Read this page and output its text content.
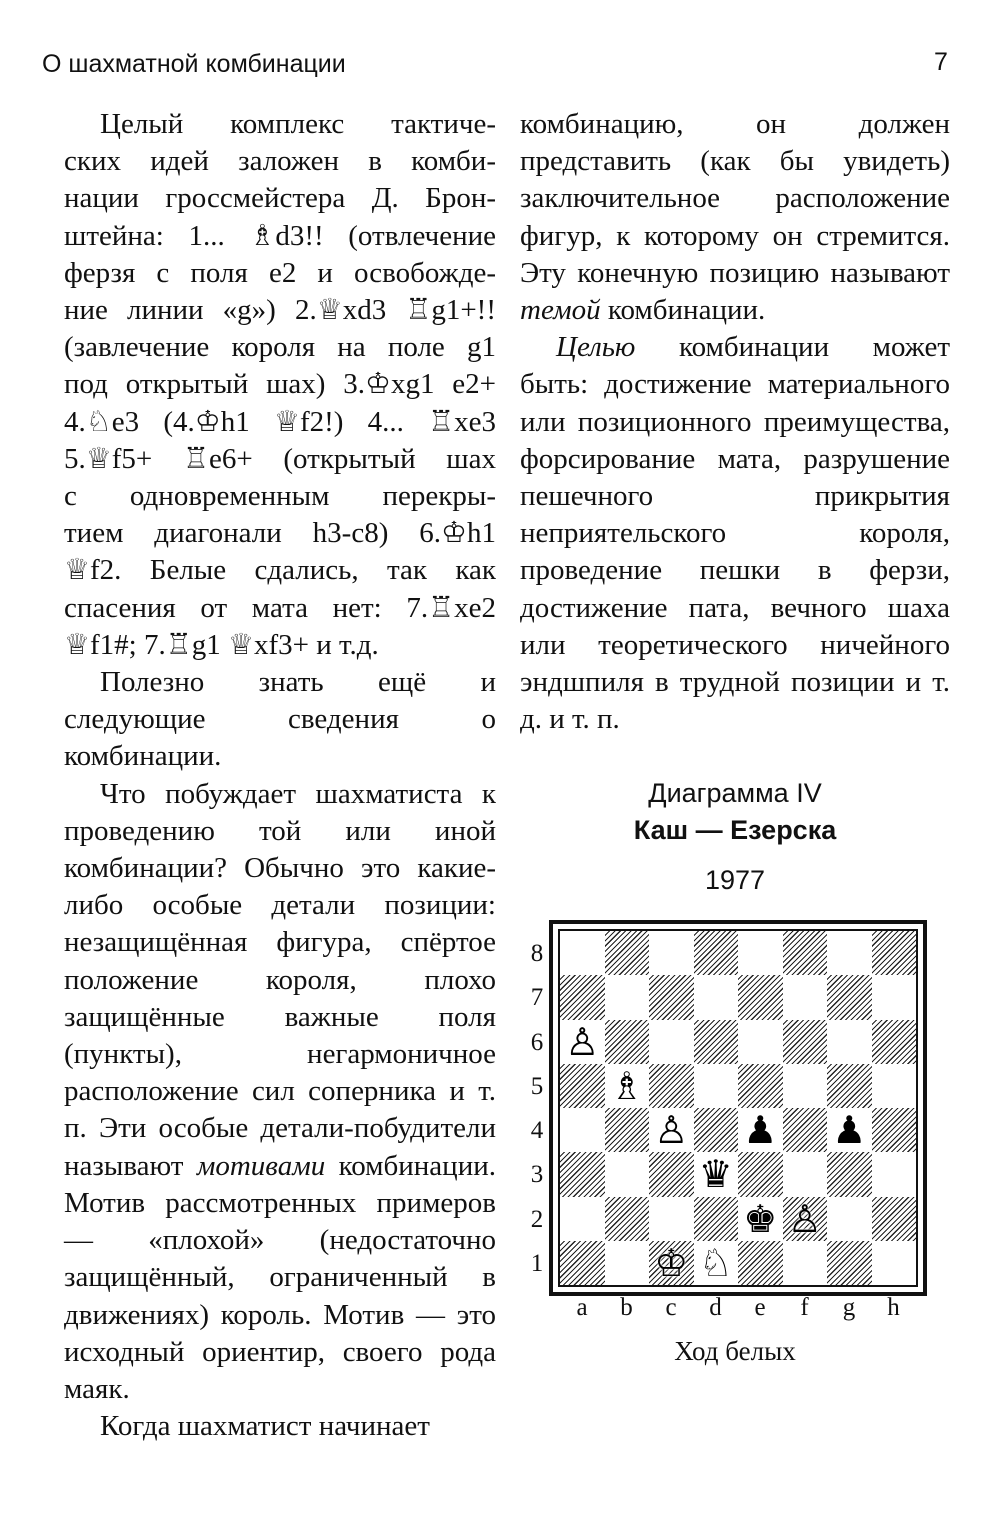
О шахматной комбинации	7

Целый комплекс тактиче-
ских идей заложен в комби-
нации гроссмейстера Д. Брон-
штейна: 1... ♗d3!! (отвлечение
ферзя с поля е2 и освобожде-
ние линии «g») 2.♕xd3 ♖g1+!!
(завлечение короля на поле g1
под открытый шах) 3.♔xg1 e2+
4.♘e3 (4.♔h1 ♕f2!) 4... ♖xe3
5.♕f5+ ♖e6+ (открытый шах
с одновременным перекры-
тием диагонали h3-c8) 6.♔h1
♕f2. Белые сдались, так как
спасения от мата нет: 7.♖xe2
♕f1#; 7.♖g1 ♕xf3+ и т.д.

Полезно знать ещё и следующие сведения о комбинации.

Что побуждает шахматиста к проведению той или иной комбинации? Обычно это какие-либо особые детали позиции: незащищённая фигура, спёртое положение короля, плохо защищённые важные поля (пункты), негармоничное расположение сил соперника и т. п. Эти особые детали-побудители называют мотивами комбинации. Мотив рассмотренных примеров — «плохой» (недостаточно защищённый, ограниченный в движениях) король. Мотив — это исходный ориентир, своего рода маяк.

Когда шахматист начинает

комбинацию, он должен представить (как бы увидеть) заключительное расположение фигур, к которому он стремится. Эту конечную позицию называют темой комбинации.

Целью комбинации может быть: достижение материального или позиционного преимущества, форсирование мата, разрушение пешечного прикрытия неприятельского короля, проведение пешки в ферзи, достижение пата, вечного шаха или теоретического ничейного эндшпиля в трудной позиции и т. д. и т. п.

Диаграмма IV
Каш — Езерска
1977
♙
♗
♙ ♟ ♟
♛
♚ ♙
♔ ♘
8
7
6
5
4
3
2
1
a	b	c	d	e	f	g	h
Ход белых
